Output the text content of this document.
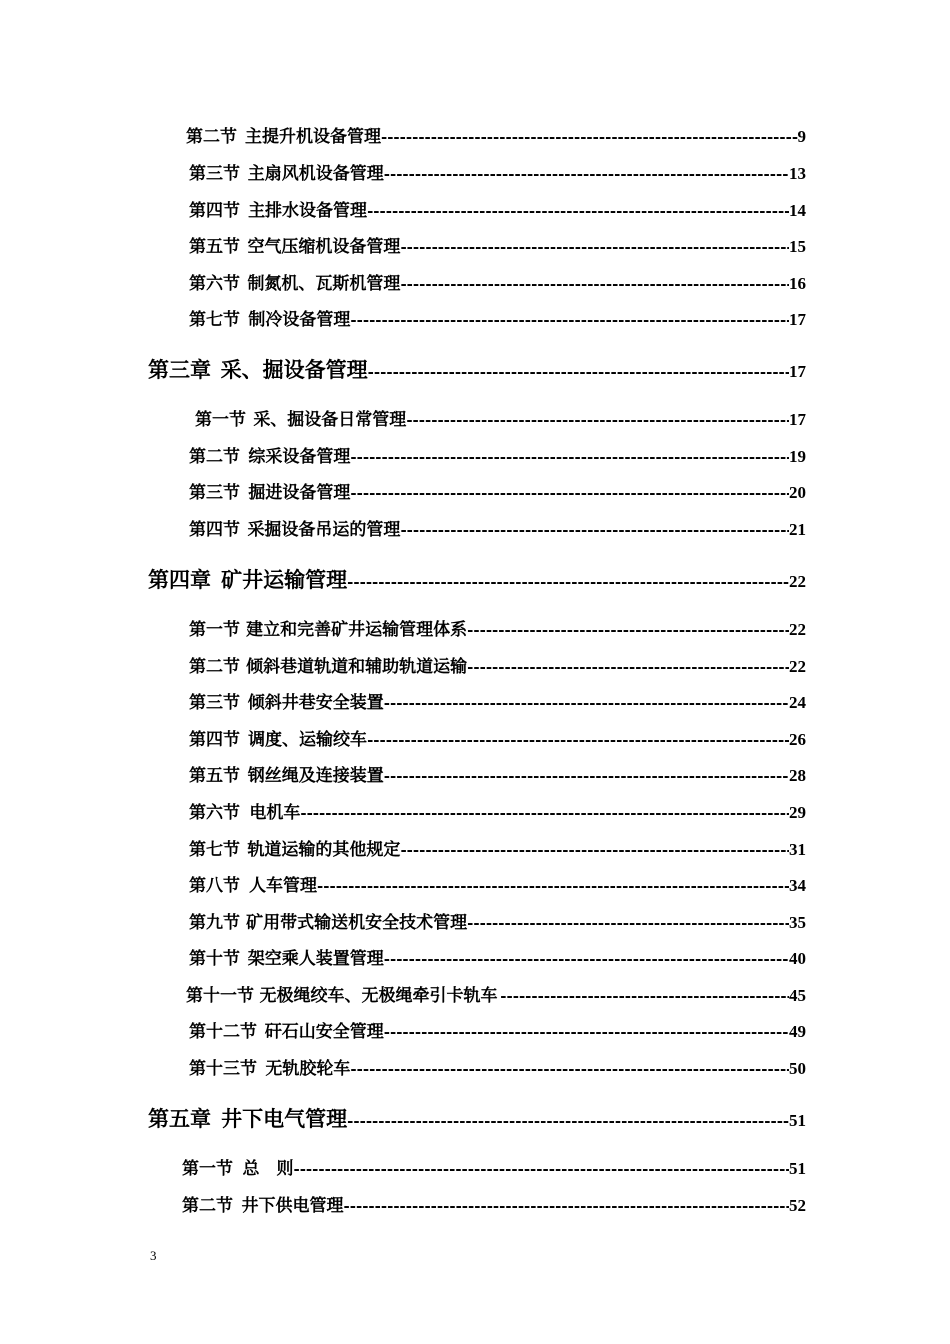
第二节 主提升机设备管理 -----	9
第三节 主扇风机设备管理 -----	13
第四节 主排水设备管理 -----	14
第五节 空气压缩机设备管理 -----	15
第六节 制氮机、瓦斯机管理 -----	16
第七节 制冷设备管理 -----	17
第三章 采、掘设备管理 -----	17
第一节 采、掘设备日常管理 -----	17
第二节 综采设备管理 -----	19
第三节 掘进设备管理 -----	20
第四节 采掘设备吊运的管理 -----	21
第四章 矿井运输管理 -----	22
第一节 建立和完善矿井运输管理体系 -----	22
第二节 倾斜巷道轨道和辅助轨道运输 -----	22
第三节 倾斜井巷安全装置 -----	24
第四节 调度、运输绞车 -----	26
第五节 钢丝绳及连接装置 -----	28
第六节 电机车 -----	29
第七节 轨道运输的其他规定 -----	31
第八节 人车管理 -----	34
第九节 矿用带式输送机安全技术管理 -----	35
第十节 架空乘人装置管理 -----	40
第十一节 无极绳绞车、无极绳牵引卡轨车 -----	45
第十二节 矸石山安全管理 -----	49
第十三节 无轨胶轮车 -----	50
第五章 井下电气管理 -----	51
第一节 总　则 -----	51
第二节 井下供电管理 -----	52
3
